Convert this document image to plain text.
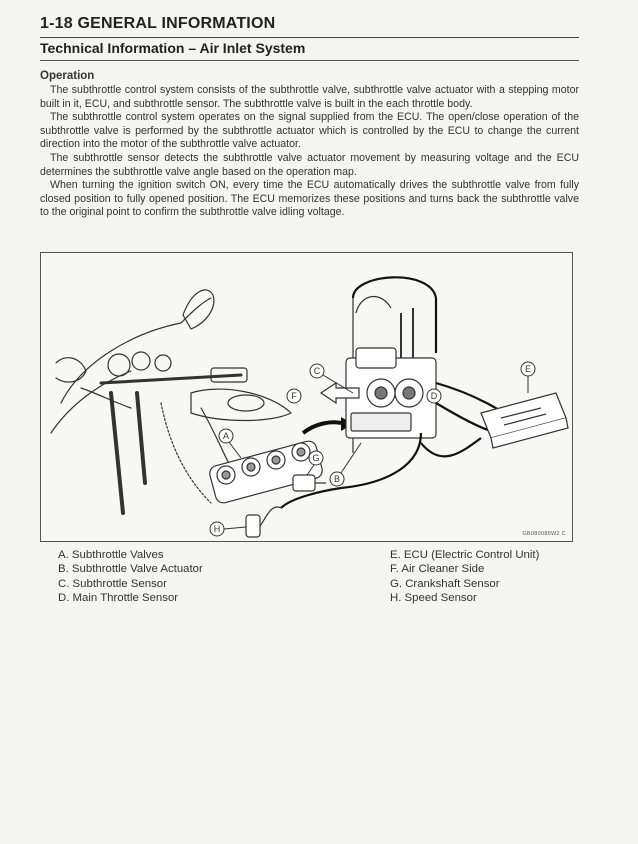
1-18 GENERAL INFORMATION
Technical Information – Air Inlet System
Operation

The subthrottle control system consists of the subthrottle valve, subthrottle valve actuator with a stepping motor built in it, ECU, and subthrottle sensor. The subthrottle valve is built in the each throttle body.

The subthrottle control system operates on the signal supplied from the ECU. The open/close operation of the subthrottle valve is performed by the subthrottle actuator which is controlled by the ECU to change the current direction into the motor of the subthrottle valve actuator.

The subthrottle sensor detects the subthrottle valve actuator movement by measuring voltage and the ECU determines the subthrottle valve angle based on the operation map.

When turning the ignition switch ON, every time the ECU automatically drives the subthrottle valve from fully closed position to fully opened position. The ECU memorizes these positions and turns back the subthrottle valve to the original point to confirm the subthrottle valve idling voltage.

A
B
C
D
E
F
G
H	GB080086W2 C
A. Subthrottle Valves
B. Subthrottle Valve Actuator
C. Subthrottle Sensor
D. Main Throttle Sensor
E. ECU (Electric Control Unit)
F. Air Cleaner Side
G. Crankshaft Sensor
H. Speed Sensor
